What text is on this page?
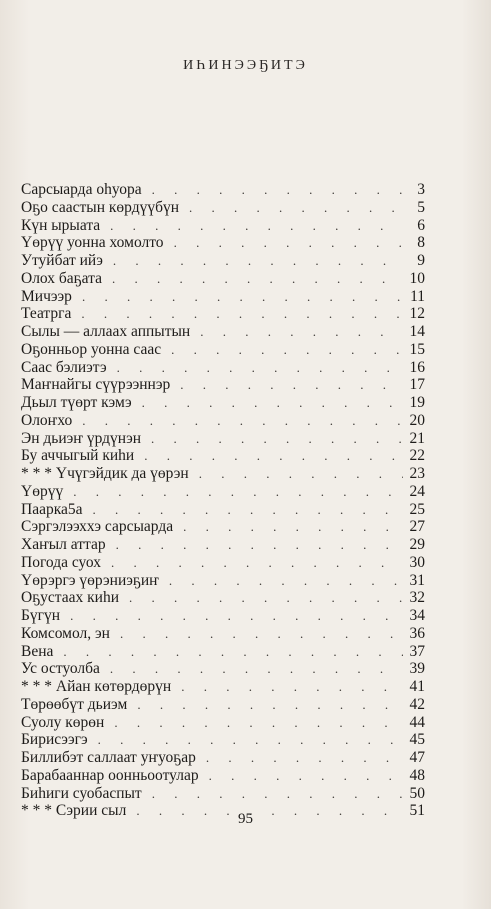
ИҺИНЭЭҔИТЭ
Сарсыарда оһуора . . .	3
Оҕо саастын көрдүүбүн . . .	5
Күн ырыата . . .	6
Үөрүү уонна хомолто . . .	8
Утуйбат ийэ . . .	9
Олох баҕата . . .	10
Мичээр . . .	11
Театрга . . .	12
Сылы — аллаах аппытын . . .	14
Оҕонньор уонна саас . . .	15
Саас бэлиэтэ . . .	16
Маҥнайгы сүүрээннэр . . .	17
Дьыл түөрт кэмэ . . .	19
Олоҥхо . . .	20
Эн дьиэҥ үрдүнэн . . .	21
Бу аччыгый киһи . . .	22
* * * Үчүгэйдик да үөрэн . . .	23
Үөрүү . . .	24
Паарка5а . . .	25
Сэргэлээххэ сарсыарда . . .	27
Хаҥыл аттар . . .	29
Погода суох . . .	30
Үөрэргэ үөрэниэҕиҥ . . .	31
Оҕустаах киһи . . .	32
Бүгүн . . .	34
Комсомол, эн . . .	36
Вена . . .	37
Ус остуолба . . .	39
* * * Айан көтөрдөрүн . . .	41
Төрөөбүт дьиэм . . .	42
Суолу көрөн . . .	44
Бирисээгэ . . .	45
Биллибэт саллаат уҥуоҕар . . .	47
Барабааннар оонньоотулар . . .	48
Биһиги суобаспыт . . .	50
* * * Сэрии сыл . . .	51
95
